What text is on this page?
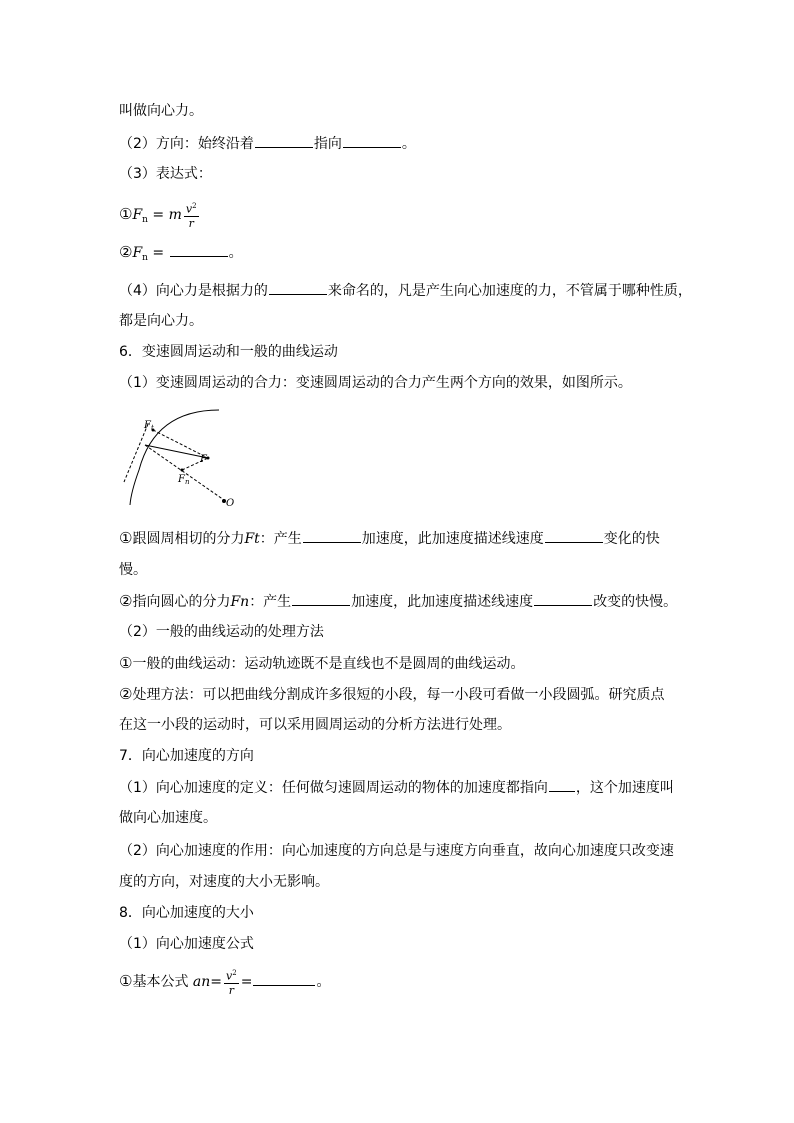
叫做向心力。
（2）方向：始终沿着	指向	。
（3）表达式：
$①F_n = m \frac{v^2}{r}$
$②F_n$ =	。
（4）向心力是根据力的	来命名的，凡是产生向心加速度的力，不管属于哪种性质，
都是向心力。
6．变速圆周运动和一般的曲线运动
（1）变速圆周运动的合力：变速圆周运动的合力产生两个方向的效果，如图所示。
$F_t$
F
$F_n$
O
①跟圆周相切的分力Ft：产生	加速度，此加速度描述线速度	变化的快
慢。
②指向圆心的分力Fn：产生	加速度，此加速度描述线速度	改变的快慢。
（2）一般的曲线运动的处理方法
①一般的曲线运动：运动轨迹既不是直线也不是圆周的曲线运动。
②处理方法：可以把曲线分割成许多很短的小段，每一小段可看做一小段圆弧。研究质点
在这一小段的运动时，可以采用圆周运动的分析方法进行处理。
7．向心加速度的方向
（1）向心加速度的定义：任何做匀速圆周运动的物体的加速度都指向 ，这个加速度叫
做向心加速度。
（2）向心加速度的作用：向心加速度的方向总是与速度方向垂直，故向心加速度只改变速
度的方向，对速度的大小无影响。
8．向心加速度的大小
（1）向心加速度公式
①基本公式 $an= \frac{v^2}{r}$ =	。
